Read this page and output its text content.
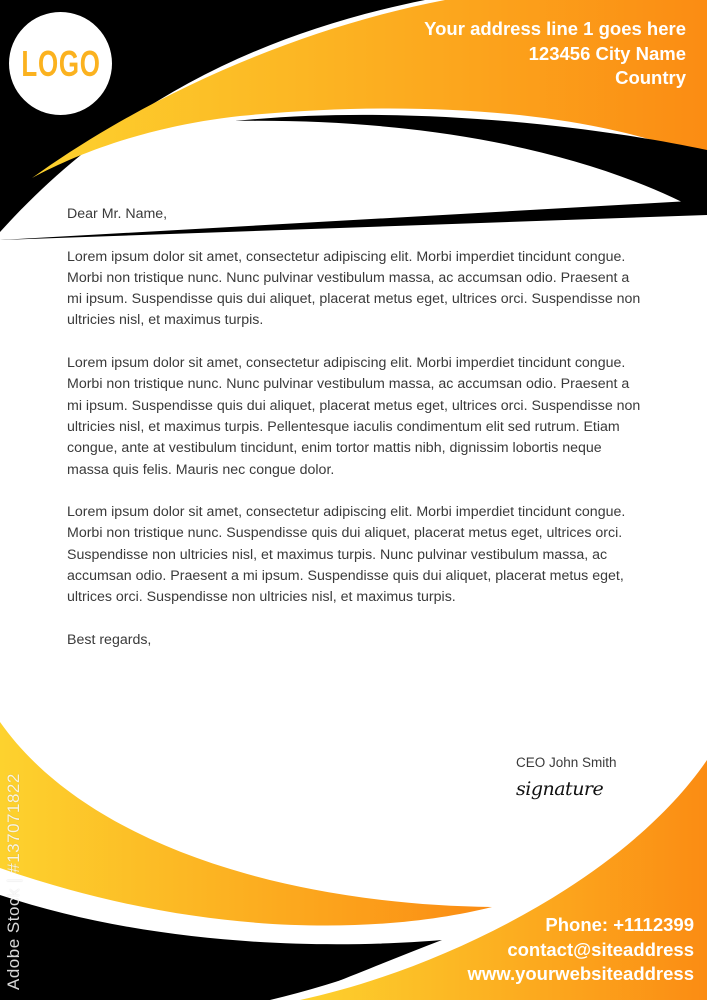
LOGO
Your address line 1 goes here
123456 City Name
Country

Dear Mr. Name,

Lorem ipsum dolor sit amet, consectetur adipiscing elit. Morbi imperdiet tincidunt congue. Morbi non tristique nunc. Nunc pulvinar vestibulum massa, ac accumsan odio. Praesent a mi ipsum. Suspendisse quis dui aliquet, placerat metus eget, ultrices orci. Suspendisse non ultricies nisl, et maximus turpis.

Lorem ipsum dolor sit amet, consectetur adipiscing elit. Morbi imperdiet tincidunt congue. Morbi non tristique nunc. Nunc pulvinar vestibulum massa, ac accumsan odio. Praesent a mi ipsum. Suspendisse quis dui aliquet, placerat metus eget, ultrices orci. Suspendisse non ultricies nisl, et maximus turpis. Pellentesque iaculis condimentum elit sed rutrum. Etiam congue, ante at vestibulum tincidunt, enim tortor mattis nibh, dignissim lobortis neque massa quis felis. Mauris nec congue dolor.

Lorem ipsum dolor sit amet, consectetur adipiscing elit. Morbi imperdiet tincidunt congue. Morbi non tristique nunc. Suspendisse quis dui aliquet, placerat metus eget, ultrices orci. Suspendisse non ultricies nisl, et maximus turpis. Nunc pulvinar vestibulum massa, ac accumsan odio. Praesent a mi ipsum. Suspendisse quis dui aliquet, placerat metus eget, ultrices orci. Suspendisse non ultricies nisl, et maximus turpis.

Best regards,

CEO John Smith
signature
Phone: +1112399
contact@siteaddress
www.yourwebsiteaddress
Adobe Stock | #137071822
